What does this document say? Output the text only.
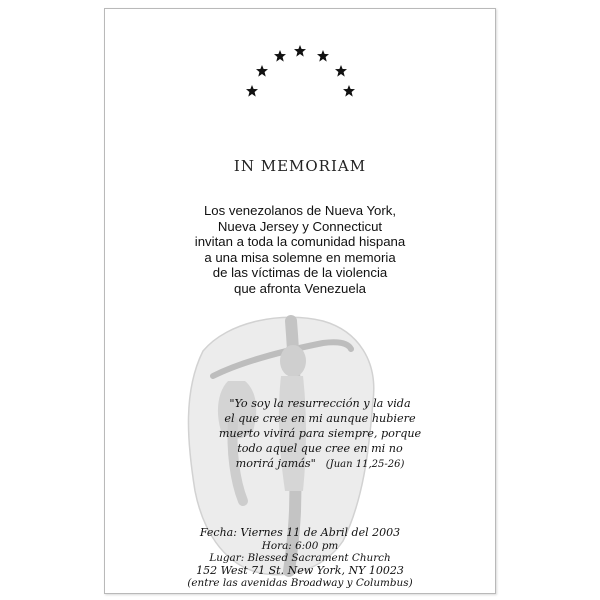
IN MEMORIAM
Los venezolanos de Nueva York,
Nueva Jersey y Connecticut
invitan a toda la comunidad hispana
a una misa solemne en memoria
de las víctimas de la violencia
que afronta Venezuela
"Yo soy la resurrección y la vida
el que cree en mi aunque hubiere
muerto vivirá para siempre, porque
todo aquel que cree en mi no
morirá jamás" (Juan 11,25-26)
Fecha: Viernes 11 de Abril del 2003
Hora: 6:00 pm
Lugar: Blessed Sacrament Church
152 West 71 St. New York, NY 10023
(entre las avenidas Broadway y Columbus)
